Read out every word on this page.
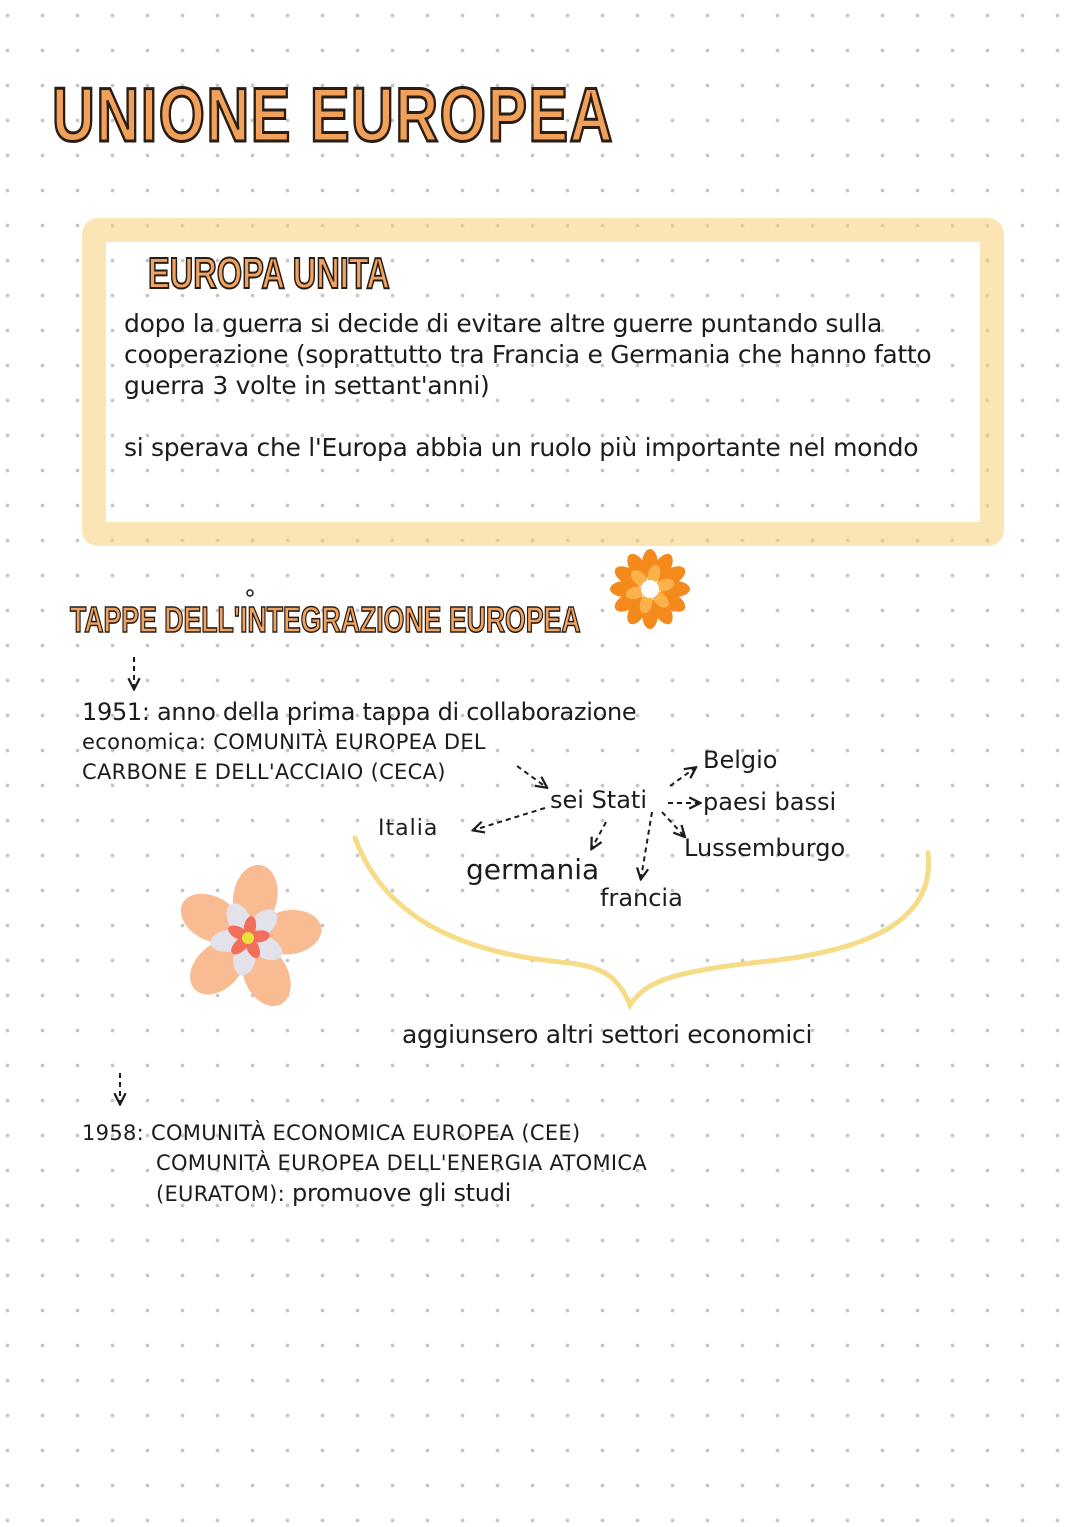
UNIONE EUROPEA
EUROPA UNITA

dopo la guerra si decide di evitare altre guerre puntando sulla cooperazione (soprattutto tra Francia e Germania che hanno fatto guerra 3 volte in settant'anni)

si sperava che l'Europa abbia un ruolo più importante nel mondo

TAPPE DELL'INTEGRAZIONE EUROPEA
1951: anno della prima tappa di collaborazione
economica: COMUNITÀ EUROPEA DEL
CARBONE E DELL'ACCIAIO (CECA)
sei Stati
Belgio
paesi bassi
Lussemburgo
Italia
germania
francia
aggiunsero altri settori economici
1958: COMUNITÀ ECONOMICA EUROPEA (CEE)
COMUNITÀ EUROPEA DELL'ENERGIA ATOMICA
(EURATOM): promuove gli studi
